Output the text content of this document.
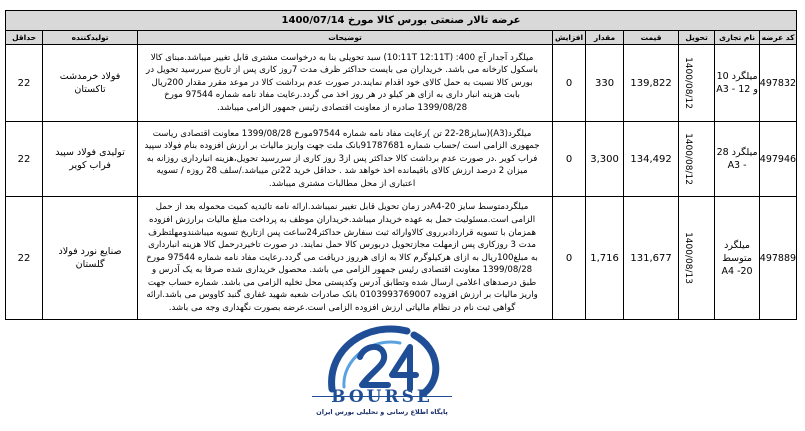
عرضه تالار صنعتی بورس کالا مورخ 1400/07/14								
کد عرضه	نام تجاری	تحویل	قیمت	مقدار	افزایش	توضیحات	تولیدکننده	حداقل
497832	میلگرد 10 و 12 - A3	1400/08/12	139,822	330	0	میلگرد آجدار آج 400: (10:11T 12:11T) سبد تحویلی بنا به درخواست مشتری قابل تغییر میباشد.مبنای کالا باسکول کارخانه می باشد. خریداران می بایست حداکثر ظرف مدت 7روز کاری پس از تاریخ سررسید تحویل در بورس کالا نسبت به حمل کالای خود اقدام نمایند.در صورت عدم برداشت کالا در موعد مقرر مقدار 200ریال بابت هزینه انبار داری به ازای هر کیلو در هر روز اخذ می گردد.رعایت مفاد نامه شماره 97544 مورخ 1399/08/28 صادره از معاونت اقتصادی رئیس جمهور الزامی میباشد.	فولاد خرمدشت تاکستان	22
497946	میلگرد 28 - A3	1400/08/12	134,492	3,300	0	میلگرد(A3)(سایز28-22 تن )رعایت مفاد نامه شماره 97544مورخ 1399/08/28 معاونت اقتصادی ریاست جمهوری الزامی است /حساب شماره 91787681بانک ملت جهت واریز مالیات بر ارزش افزوده بنام فولاد سپید فراب کویر .در صورت عدم برداشت کالا حداکثر پس از3 روز کاری از سررسید تحویل،هزینه انبارداری روزانه به میزان 2 درصد ارزش کالای باقیمانده اخذ خواهد شد . حداقل خرید 22تن میباشد./سلف 28 روزه / تسویه اعتباری از محل مطالبات مشتری میباشد.	تولیدی فولاد سپید فراب کویر	22
497889	میلگرد متوسط 20- A4	1400/08/13	131,677	1,716	0	میلگردمتوسط سایز 20-A4در زمان تحویل قابل تغییر نمیباشد.ارائه نامه تائیدیه کمیت محموله بعد از حمل الزامی است.مسئولیت حمل به عهده خریدار میباشد.خریداران موظف به پرداخت مبلغ مالیات برارزش افزوده همزمان با تسویه قراردادبرروی کالاوارائه ثبت سفارش حداکثر24ساعت پس ازتاریخ تسویه میباشندومهلتظرف مدت 3 روزکاری پس ازمهلت مجازتحویل دربورس کالا حمل نمایند. در صورت تاخیردرحمل کالا هزینه انبارداری به مبلغ100ریال به ازای هرکیلوگرم کالا به ازای هرروز دریافت می گردد.رعایت مفاد نامه شماره 97544 مورخ 1399/08/28 معاونت اقتصادی رئیس جمهور الزامی می باشد. محصول خریداری شده صرفا به یک آدرس و طبق درصدهای اعلامی ارسال شده وتطابق آدرس وکدپستی محل تخلیه الزامی می باشد. شماره حساب جهت واریز مالیات بر ارزش افزوده 0103993769007 بانک صادرات شعبه شهید غفاری گنبد کاووس می باشد.ارائه گواهی ثبت نام در نظام مالیاتی ارزش افزوده الزامی است.عرضه بصورت نگهداری وجه می باشد.	صنایع نورد فولاد گلستان	22
BOURSE
پایگاه اطلاع رسانی و تحلیلی بورس ایران
